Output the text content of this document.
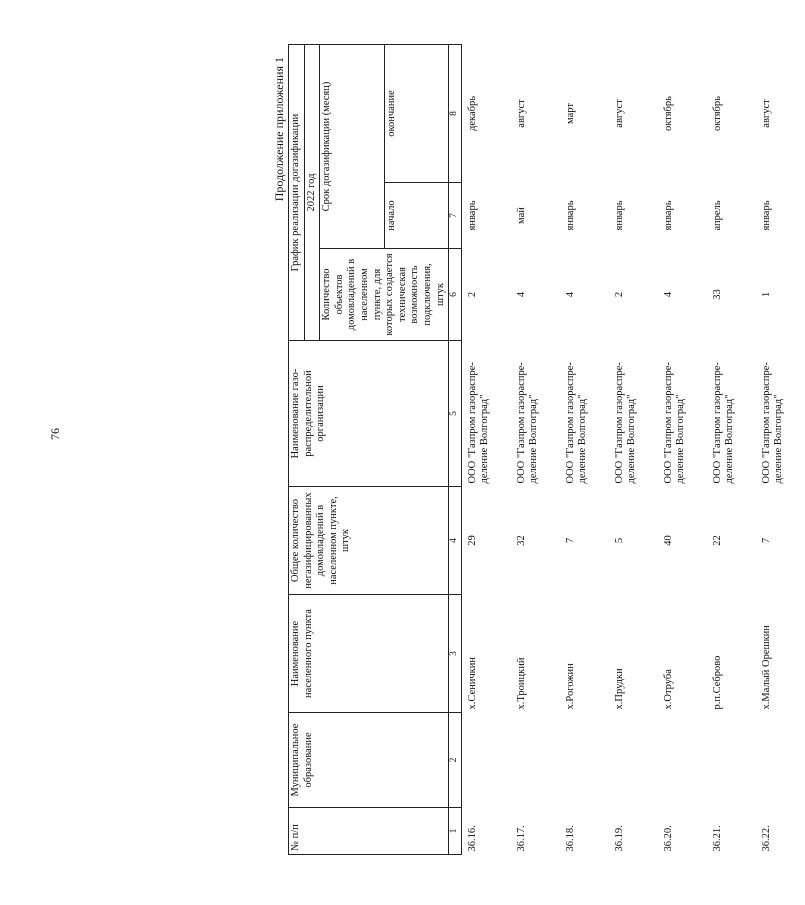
76
Продолжение приложения 1
№ п/п	Муниципальное образование	Наименование населенного пункта	Общее количество негазифицированных домовладений в населенном пункте, штук	Наименование газо- распределительной организации	График реализации догазификации		
					2022 год		
					Количество объектов домовладений в населенном пункте, для которых создается техническая возможность подключения, штук	Срок догазификации (месяц)	
						начало	окончание
1	2	3	4	5	6	7	8
36.16.		х.Сеничкин	29	ООО "Газпром газораспре- деление Волгоград"	2	январь	декабрь
36.17.		х.Троицкий	32	ООО "Газпром газораспре- деление Волгоград"	4	май	август
36.18.		х.Рогожин	7	ООО "Газпром газораспре- деление Волгоград"	4	январь	март
36.19.		х.Прудки	5	ООО "Газпром газораспре- деление Волгоград"	2	январь	август
36.20.		х.Отруба	40	ООО "Газпром газораспре- деление Волгоград"	4	январь	октябрь
36.21.		р.п.Себрово	22	ООО "Газпром газораспре- деление Волгоград"	33	апрель	октябрь
36.22.		х.Малый Орешкин	7	ООО "Газпром газораспре- деление Волгоград"	1	январь	август
